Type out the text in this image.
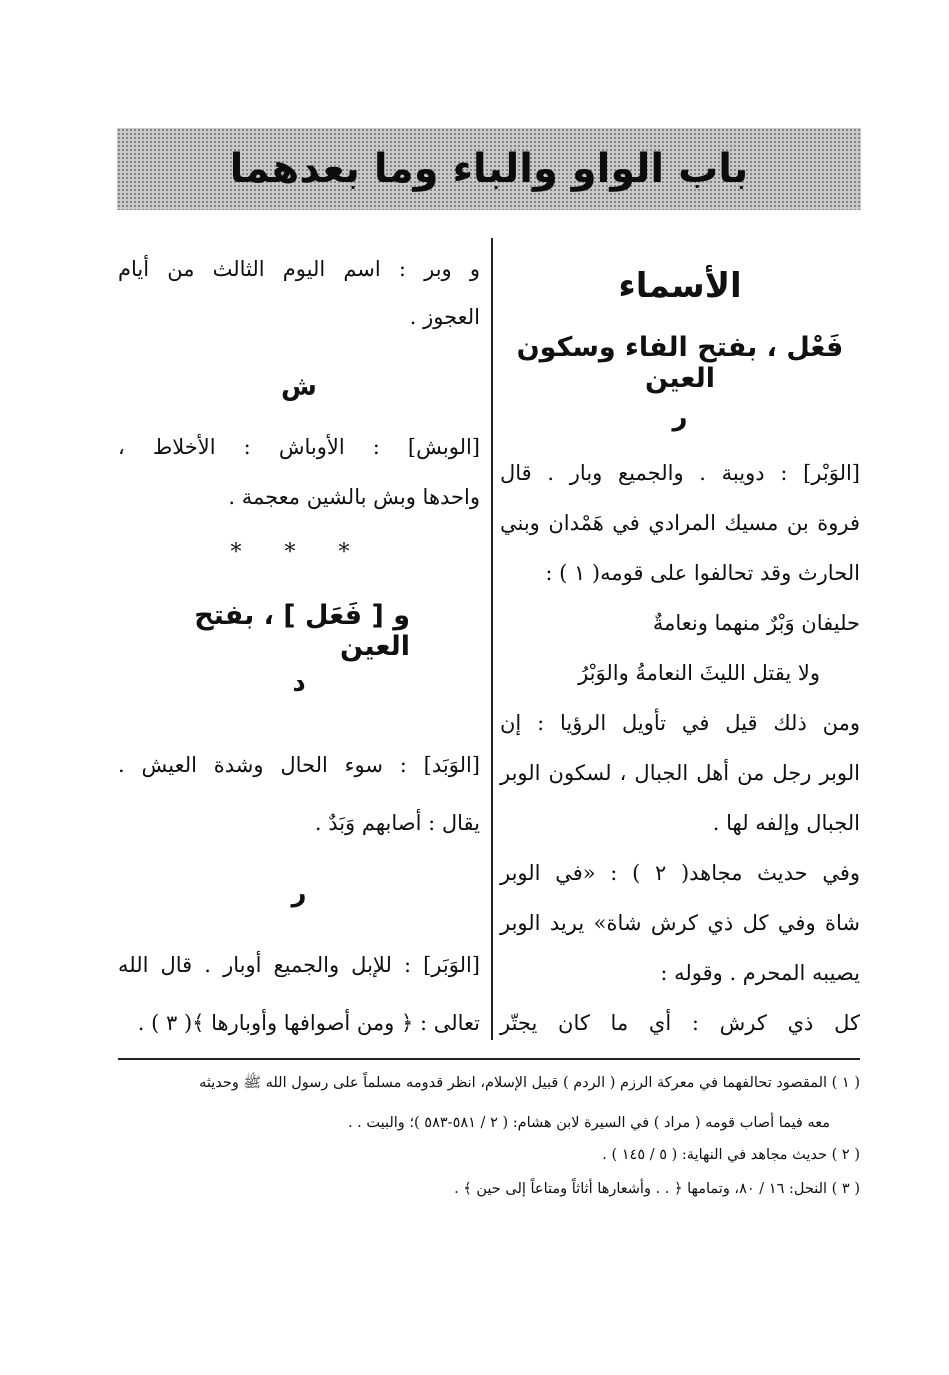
باب الواو والباء وما بعدهما
الأسماء
فَعْل ، بفتح الفاء وسكون العين
ر
[الوَبْر] : دويبة . والجميع وبار . قال
فروة بن مسيك المرادي في هَمْدان وبني
الحارث وقد تحالفوا على قومه( ١ ) :
حليفان وَبْرٌ منهما ونعامةٌ
ولا يقتل الليثَ النعامةُ والوَبْرُ
ومن ذلك قيل في تأويل الرؤيا : إن
الوبر رجل من أهل الجبال ، لسكون الوبر
الجبال وإلفه لها .
وفي حديث مجاهد( ٢ ) : «في الوبر
شاة وفي كل ذي كرش شاة» يريد الوبر
يصيبه المحرم . وقوله :
كل ذي كرش : أي ما كان يجتّر
و وبر : اسم اليوم الثالث من أيام
العجوز .
ش
[الوبش] : الأوباش : الأخلاط ،
واحدها وبش بالشين معجمة .
* * *
و [ فَعَل ] ، بفتح العين
د
[الوَبَد] : سوء الحال وشدة العيش .
يقال : أصابهم وَبَدٌ .
ر
[الوَبَر] : للإبل والجميع أوبار . قال الله
تعالى : ﴿ ومن أصوافها وأوبارها ﴾( ٣ ) .
( ١ ) المقصود تحالفهما في معركة الرزم ( الردم ) قبيل الإسلام، انظر قدومه مسلماً على رسول الله ﷺ وحديثه
معه فيما أصاب قومه ( مراد ) في السيرة لابن هشام: ( ٢ / ٥٨١-٥٨٣ )؛ والبيت . .
( ٢ ) حديث مجاهد في النهاية: ( ٥ / ١٤٥ ) .
( ٣ ) النحل: ١٦ / ٨٠، وتمامها ﴿ . . وأشعارها أثاثاً ومتاعاً إلى حين ﴾ .
